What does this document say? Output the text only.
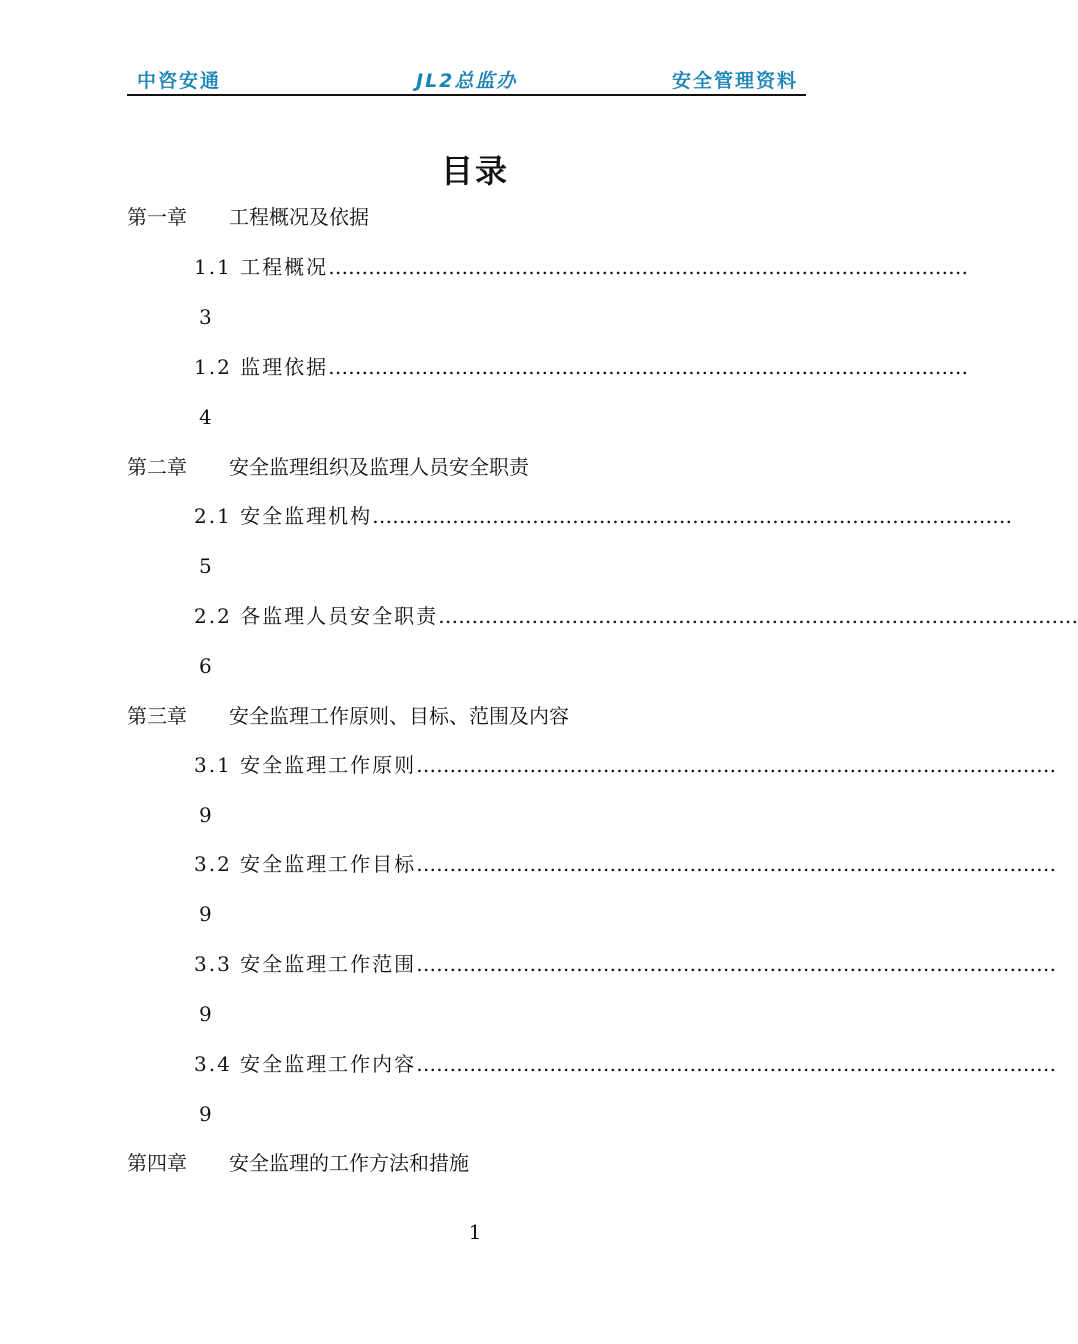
中咨安通	JL2总监办	安全管理资料
目录
第一章 工程概况及依据
1.1 工程概况 ……………………………………………………………………………………
3
1.2 监理依据 ……………………………………………………………………………………
4
第二章 安全监理组织及监理人员安全职责
2.1 安全监理机构 ……………………………………………………………………………………
5
2.2 各监理人员安全职责 ……………………………………………………………………………………
6
第三章 安全监理工作原则、目标、范围及内容
3.1 安全监理工作原则 ……………………………………………………………………………………
9
3.2 安全监理工作目标 ……………………………………………………………………………………
9
3.3 安全监理工作范围 ……………………………………………………………………………………
9
3.4 安全监理工作内容 ……………………………………………………………………………………
9
第四章 安全监理的工作方法和措施
1
